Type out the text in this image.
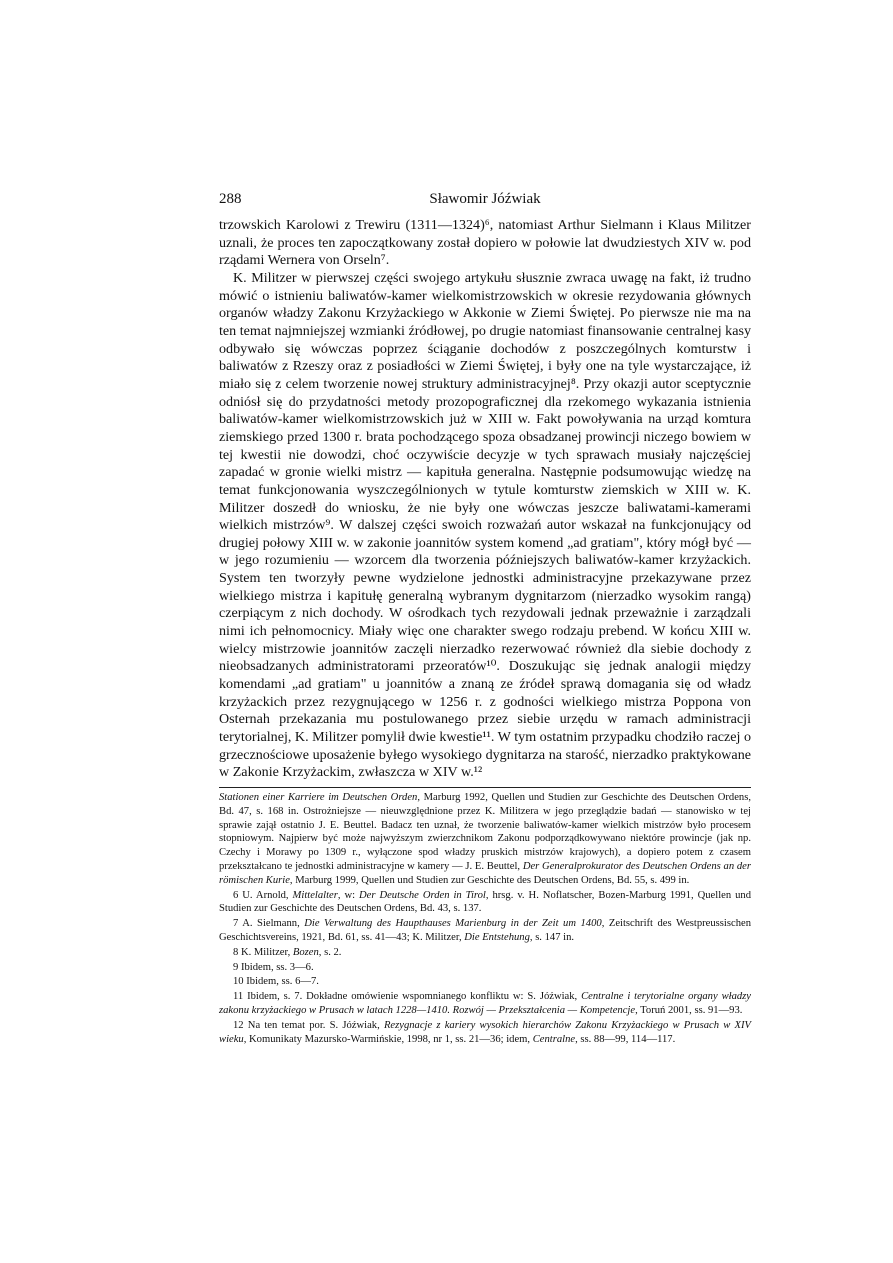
288	Sławomir Jóźwiak

trzowskich Karolowi z Trewiru (1311—1324)⁶, natomiast Arthur Sielmann i Klaus Militzer uznali, że proces ten zapoczątkowany został dopiero w połowie lat dwudziestych XIV w. pod rządami Wernera von Orseln⁷.

K. Militzer w pierwszej części swojego artykułu słusznie zwraca uwagę na fakt, iż trudno mówić o istnieniu baliwatów-kamer wielkomistrzowskich w okresie rezydowania głównych organów władzy Zakonu Krzyżackiego w Akkonie w Ziemi Świętej. Po pierwsze nie ma na ten temat najmniejszej wzmianki źródłowej, po drugie natomiast finansowanie centralnej kasy odbywało się wówczas poprzez ściąganie dochodów z poszczególnych komturstw i baliwatów z Rzeszy oraz z posiadłości w Ziemi Świętej, i były one na tyle wystarczające, iż miało się z celem tworzenie nowej struktury administracyjnej⁸. Przy okazji autor sceptycznie odniósł się do przydatności metody prozopograficznej dla rzekomego wykazania istnienia baliwatów-kamer wielkomistrzowskich już w XIII w. Fakt powoływania na urząd komtura ziemskiego przed 1300 r. brata pochodzącego spoza obsadzanej prowincji niczego bowiem w tej kwestii nie dowodzi, choć oczywiście decyzje w tych sprawach musiały najczęściej zapadać w gronie wielki mistrz — kapituła generalna. Następnie podsumowując wiedzę na temat funkcjonowania wyszczególnionych w tytule komturstw ziemskich w XIII w. K. Militzer doszedł do wniosku, że nie były one wówczas jeszcze baliwatami-kamerami wielkich mistrzów⁹. W dalszej części swoich rozważań autor wskazał na funkcjonujący od drugiej połowy XIII w. w zakonie joannitów system komend „ad gratiam", który mógł być — w jego rozumieniu — wzorcem dla tworzenia późniejszych baliwatów-kamer krzyżackich. System ten tworzyły pewne wydzielone jednostki administracyjne przekazywane przez wielkiego mistrza i kapitułę generalną wybranym dygnitarzom (nierzadko wysokim rangą) czerpiącym z nich dochody. W ośrodkach tych rezydowali jednak przeważnie i zarządzali nimi ich pełnomocnicy. Miały więc one charakter swego rodzaju prebend. W końcu XIII w. wielcy mistrzowie joannitów zaczęli nierzadko rezerwować również dla siebie dochody z nieobsadzanych administratorami przeoratów¹⁰. Doszukując się jednak analogii między komendami „ad gratiam" u joannitów a znaną ze źródeł sprawą domagania się od władz krzyżackich przez rezygnującego w 1256 r. z godności wielkiego mistrza Poppona von Osternah przekazania mu postulowanego przez siebie urzędu w ramach administracji terytorialnej, K. Militzer pomylił dwie kwestie¹¹. W tym ostatnim przypadku chodziło raczej o grzecznościowe uposażenie byłego wysokiego dygnitarza na starość, nierzadko praktykowane w Zakonie Krzyżackim, zwłaszcza w XIV w.¹²

Stationen einer Karriere im Deutschen Orden, Marburg 1992, Quellen und Studien zur Geschichte des Deutschen Ordens, Bd. 47, s. 168 in. Ostrożniejsze — nieuwzględnione przez K. Militzera w jego przeglądzie badań — stanowisko w tej sprawie zajął ostatnio J. E. Beuttel. Badacz ten uznał, że tworzenie baliwatów-kamer wielkich mistrzów było procesem stopniowym. Najpierw być może najwyższym zwierzchnikom Zakonu podporządkowywano niektóre prowincje (jak np. Czechy i Morawy po 1309 r., wyłączone spod władzy pruskich mistrzów krajowych), a dopiero potem z czasem przekształcano te jednostki administracyjne w kamery — J. E. Beuttel, Der Generalprokurator des Deutschen Ordens an der römischen Kurie, Marburg 1999, Quellen und Studien zur Geschichte des Deutschen Ordens, Bd. 55, s. 499 in.

6 U. Arnold, Mittelalter, w: Der Deutsche Orden in Tirol, hrsg. v. H. Noflatscher, Bozen-Marburg 1991, Quellen und Studien zur Geschichte des Deutschen Ordens, Bd. 43, s. 137.

7 A. Sielmann, Die Verwaltung des Haupthauses Marienburg in der Zeit um 1400, Zeitschrift des Westpreussischen Geschichtsvereins, 1921, Bd. 61, ss. 41—43; K. Militzer, Die Entstehung, s. 147 in.

8 K. Militzer, Bozen, s. 2.

9 Ibidem, ss. 3—6.

10 Ibidem, ss. 6—7.

11 Ibidem, s. 7. Dokładne omówienie wspomnianego konfliktu w: S. Jóźwiak, Centralne i terytorialne organy władzy zakonu krzyżackiego w Prusach w latach 1228—1410. Rozwój — Przekształcenia — Kompetencje, Toruń 2001, ss. 91—93.

12 Na ten temat por. S. Jóźwiak, Rezygnacje z kariery wysokich hierarchów Zakonu Krzyżackiego w Prusach w XIV wieku, Komunikaty Mazursko-Warmińskie, 1998, nr 1, ss. 21—36; idem, Centralne, ss. 88—99, 114—117.
